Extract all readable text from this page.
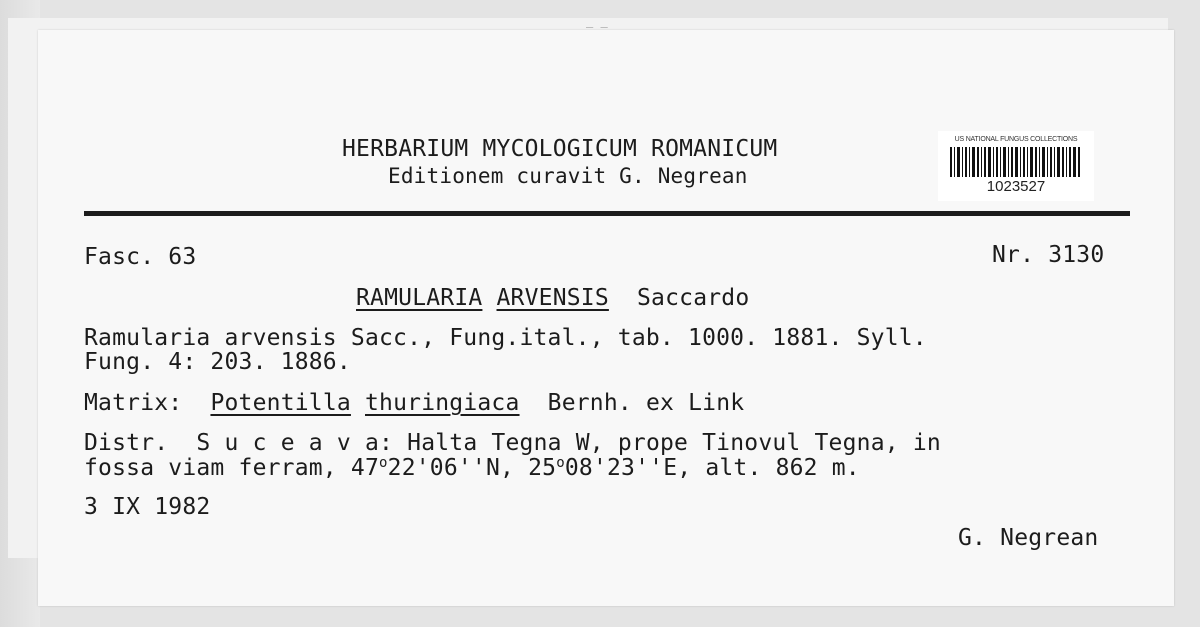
HERBARIUM MYCOLOGICUM ROMANICUM
Editionem curavit G. Negrean
US NATIONAL FUNGUS COLLECTIONS
1023527
Fasc. 63	Nr. 3130
RAMULARIA ARVENSIS Saccardo
Ramularia arvensis Sacc., Fung.ital., tab. 1000. 1881. Syll.
Fung. 4: 203. 1886.
Matrix: Potentilla thuringiaca Bernh. ex Link
Distr. S u c e a v a: Halta Tegna W, prope Tinovul Tegna, in
fossa viam ferram, 47$^o$22'06''N, 25$^o$08'23''E, alt. 862 m.
3 IX 1982
G. Negrean
